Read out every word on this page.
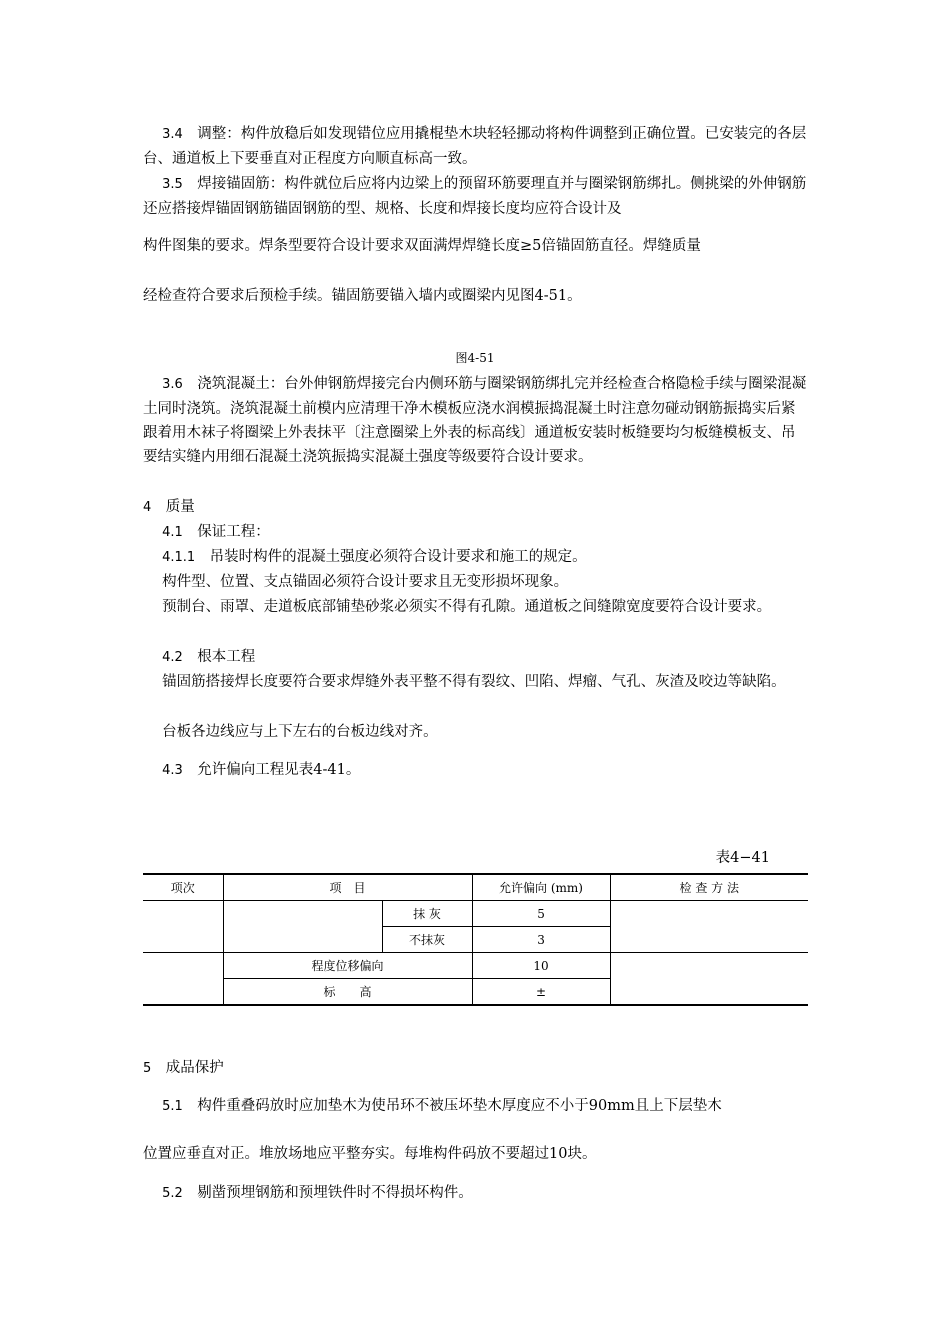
　 3.4　调整：构件放稳后如发现错位应用撬棍垫木块轻轻挪动将构件调整到正确位置。已安装完的各层台、通道板上下要垂直对正程度方向顺直标高一致。
　 3.5　焊接锚固筋：构件就位后应将内边梁上的预留环筋要理直并与圈梁钢筋绑扎。侧挑梁的外伸钢筋还应搭接焊锚固钢筋锚固钢筋的型、规格、长度和焊接长度均应符合设计及
构件图集的要求。焊条型要符合设计要求双面满焊焊缝长度≥5倍锚固筋直径。焊缝质量
经检查符合要求后预检手续。锚固筋要锚入墙内或圈梁内见图4-51。
图4-51
　 3.6　浇筑混凝土：台外伸钢筋焊接完台内侧环筋与圈梁钢筋绑扎完并经检查合格隐检手续与圈梁混凝土同时浇筑。浇筑混凝土前模内应清理干净木模板应浇水润模振捣混凝土时注意勿碰动钢筋振捣实后紧跟着用木袜子将圈梁上外表抹平〔注意圈梁上外表的标高线〕通道板安装时板缝要均匀板缝模板支、吊要结实缝内用细石混凝土浇筑振捣实混凝土强度等级要符合设计要求。
4　质量
　 4.1　保证工程：
　 4.1.1　吊装时构件的混凝土强度必须符合设计要求和施工的规定。
　 构件型、位置、支点锚固必须符合设计要求且无变形损坏现象。
　 预制台、雨罩、走道板底部铺垫砂浆必须实不得有孔隙。通道板之间缝隙宽度要符合设计要求。
　 4.2　根本工程
　 锚固筋搭接焊长度要符合要求焊缝外表平整不得有裂纹、凹陷、焊瘤、气孔、灰渣及咬边等缺陷。
　 台板各边线应与上下左右的台板边线对齐。
　 4.3　允许偏向工程见表4-41。
表4−41
项次	项　目		允许偏向 (mm)	检 查 方 法
		抹 灰	5	
		不抹灰	3	
	程度位移偏向		10	
	标　　高		±	
5　成品保护
　 5.1　构件重叠码放时应加垫木为使吊环不被压坏垫木厚度应不小于90mm且上下层垫木
位置应垂直对正。堆放场地应平整夯实。每堆构件码放不要超过10块。
　 5.2　剔凿预埋钢筋和预埋铁件时不得损坏构件。
